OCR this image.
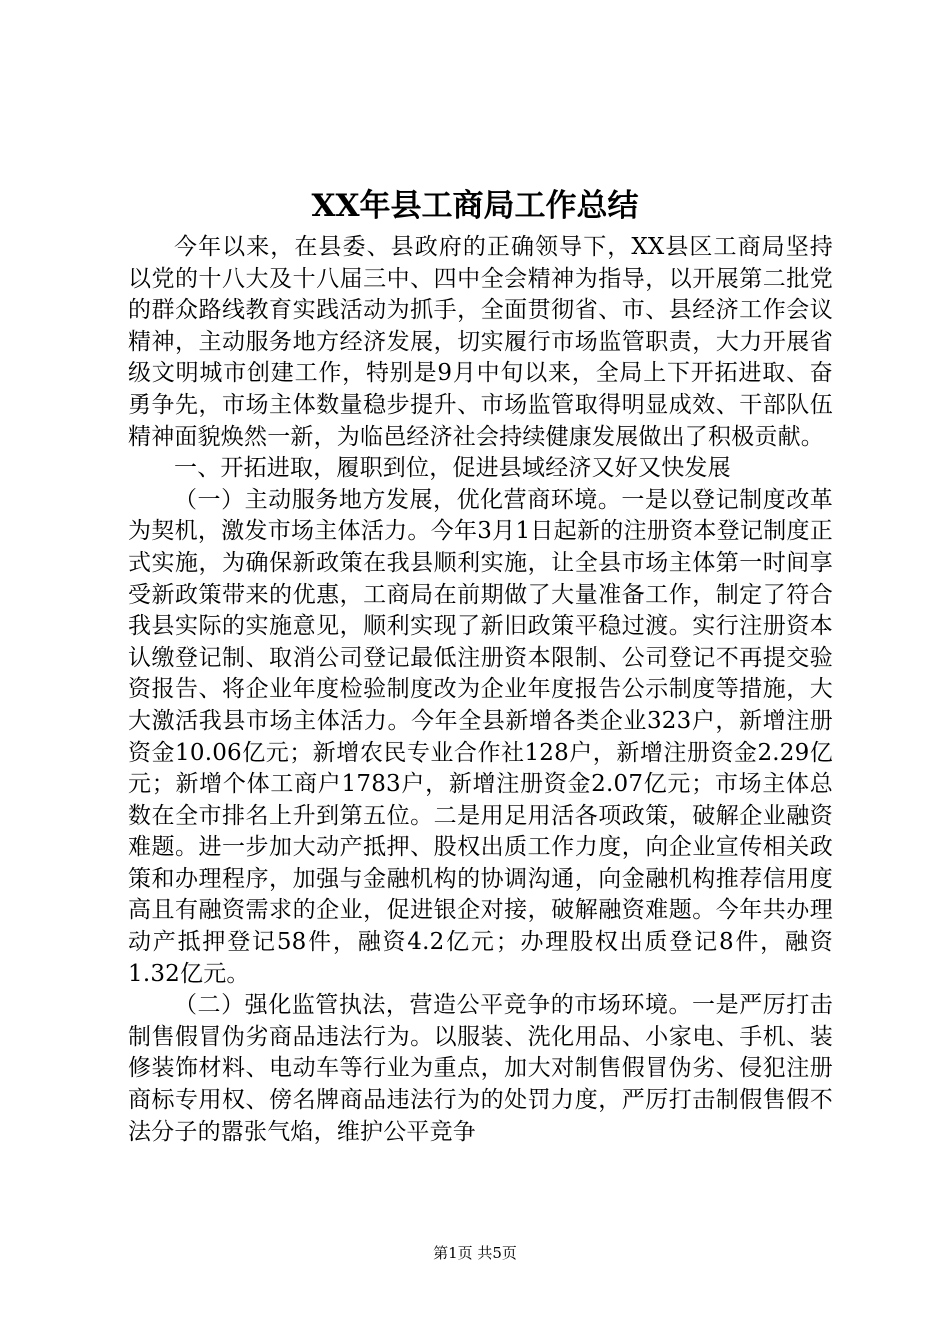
XX年县工商局工作总结

今年以来，在县委、县政府的正确领导下，XX县区工商局坚持以党的十八大及十八届三中、四中全会精神为指导，以开展第二批党的群众路线教育实践活动为抓手，全面贯彻省、市、县经济工作会议精神，主动服务地方经济发展，切实履行市场监管职责，大力开展省级文明城市创建工作，特别是9月中旬以来，全局上下开拓进取、奋勇争先，市场主体数量稳步提升、市场监管取得明显成效、干部队伍精神面貌焕然一新，为临邑经济社会持续健康发展做出了积极贡献。

一、开拓进取，履职到位，促进县域经济又好又快发展

（一）主动服务地方发展，优化营商环境。一是以登记制度改革为契机，激发市场主体活力。今年3月1日起新的注册资本登记制度正式实施，为确保新政策在我县顺利实施，让全县市场主体第一时间享受新政策带来的优惠，工商局在前期做了大量准备工作，制定了符合我县实际的实施意见，顺利实现了新旧政策平稳过渡。实行注册资本认缴登记制、取消公司登记最低注册资本限制、公司登记不再提交验资报告、将企业年度检验制度改为企业年度报告公示制度等措施，大大激活我县市场主体活力。今年全县新增各类企业323户，新增注册资金10.06亿元；新增农民专业合作社128户，新增注册资金2.29亿元；新增个体工商户1783户，新增注册资金2.07亿元；市场主体总数在全市排名上升到第五位。二是用足用活各项政策，破解企业融资难题。进一步加大动产抵押、股权出质工作力度，向企业宣传相关政策和办理程序，加强与金融机构的协调沟通，向金融机构推荐信用度高且有融资需求的企业，促进银企对接，破解融资难题。今年共办理动产抵押登记58件，融资4.2亿元；办理股权出质登记8件，融资1.32亿元。

（二）强化监管执法，营造公平竞争的市场环境。一是严厉打击制售假冒伪劣商品违法行为。以服装、洗化用品、小家电、手机、装修装饰材料、电动车等行业为重点，加大对制售假冒伪劣、侵犯注册商标专用权、傍名牌商品违法行为的处罚力度，严厉打击制假售假不法分子的嚣张气焰，维护公平竞争

第1页 共5页
